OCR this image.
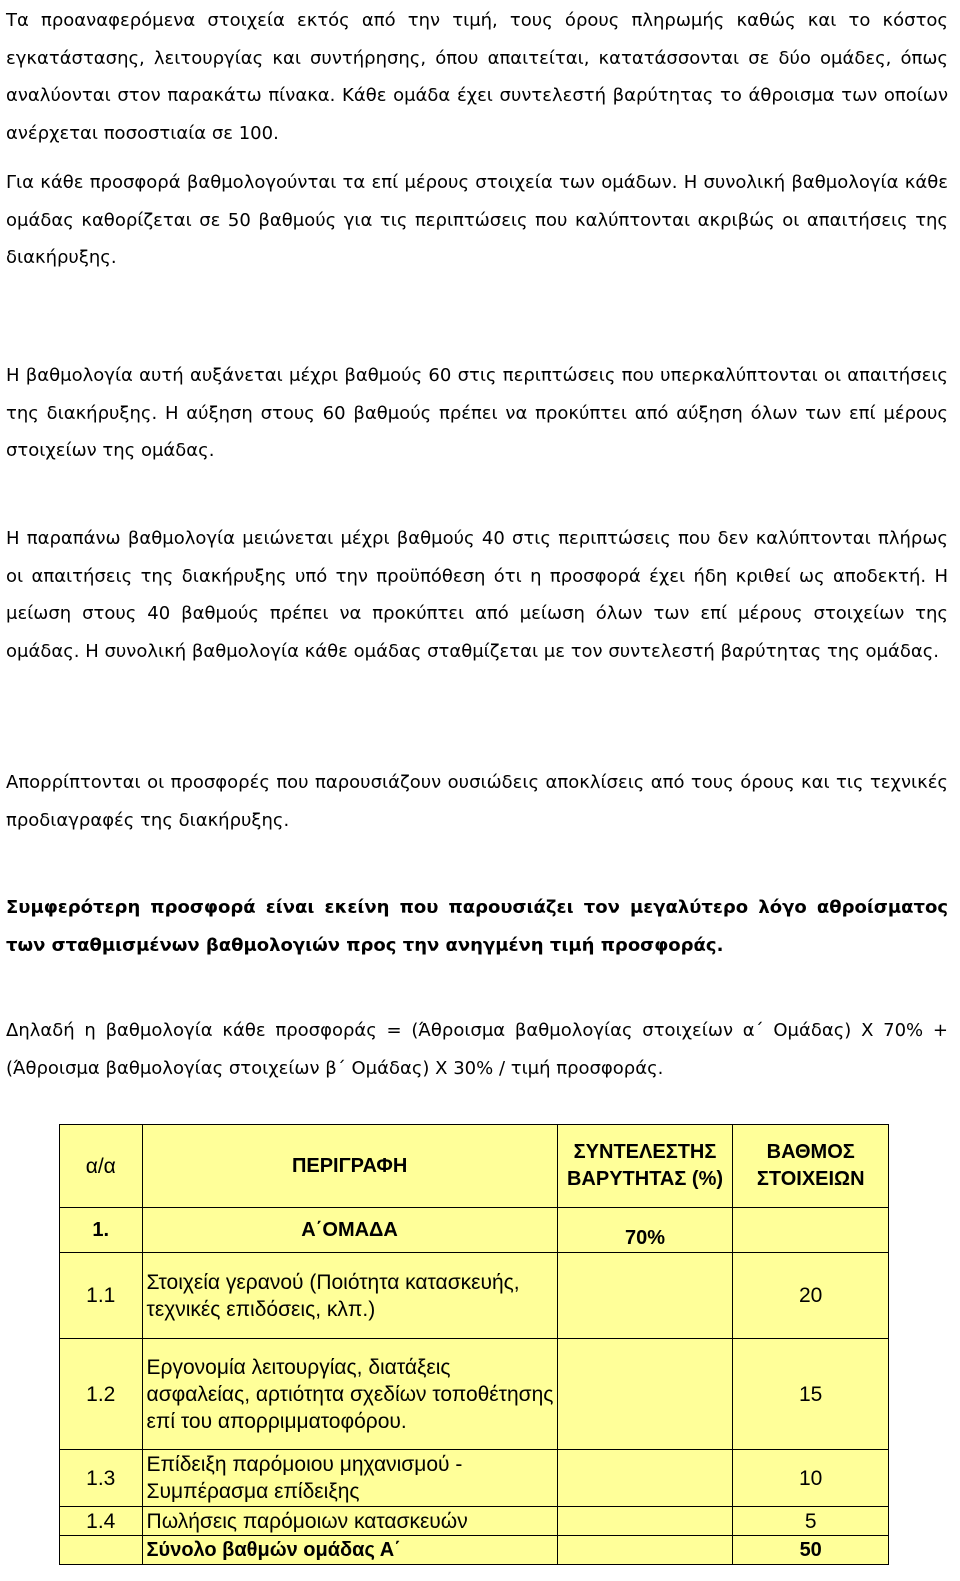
Τα προαναφερόμενα στοιχεία εκτός από την τιμή, τους όρους πληρωμής καθώς και το κόστος εγκατάστασης, λειτουργίας και συντήρησης, όπου απαιτείται, κατατάσσονται σε δύο ομάδες, όπως αναλύονται στον παρακάτω πίνακα. Κάθε ομάδα έχει συντελεστή βαρύτητας το άθροισμα των οποίων ανέρχεται ποσοστιαία σε 100.

Για κάθε προσφορά βαθμολογούνται τα επί μέρους στοιχεία των ομάδων. Η συνολική βαθμολογία κάθε ομάδας καθορίζεται σε 50 βαθμούς για τις περιπτώσεις που καλύπτονται ακριβώς οι απαιτήσεις της διακήρυξης.

Η βαθμολογία αυτή αυξάνεται μέχρι βαθμούς 60 στις περιπτώσεις που υπερκαλύπτονται οι απαιτήσεις της διακήρυξης. Η αύξηση στους 60 βαθμούς πρέπει να προκύπτει από αύξηση όλων των επί μέρους στοιχείων της ομάδας.

Η παραπάνω βαθμολογία μειώνεται μέχρι βαθμούς 40 στις περιπτώσεις που δεν καλύπτονται πλήρως οι απαιτήσεις της διακήρυξης υπό την προϋπόθεση ότι η προσφορά έχει ήδη κριθεί ως αποδεκτή. Η μείωση στους 40 βαθμούς πρέπει να προκύπτει από μείωση όλων των επί μέρους στοιχείων της ομάδας. Η συνολική βαθμολογία κάθε ομάδας σταθμίζεται με τον συντελεστή βαρύτητας της ομάδας.

Απορρίπτονται οι προσφορές που παρουσιάζουν ουσιώδεις αποκλίσεις από τους όρους και τις τεχνικές προδιαγραφές της διακήρυξης.

Συμφερότερη προσφορά είναι εκείνη που παρουσιάζει τον μεγαλύτερο λόγο αθροίσματος των σταθμισμένων βαθμολογιών προς την ανηγμένη τιμή προσφοράς.

Δηλαδή η βαθμολογία κάθε προσφοράς = (Άθροισμα βαθμολογίας στοιχείων α΄ Ομάδας) Χ 70% + (Άθροισμα βαθμολογίας στοιχείων β΄ Ομάδας) Χ 30% / τιμή προσφοράς.

α/α	ΠΕΡΙΓΡΑΦΗ	ΣΥΝΤΕΛΕΣΤΗΣ ΒΑΡΥΤΗΤΑΣ (%)	ΒΑΘΜΟΣ ΣΤΟΙΧΕΙΩΝ
1.	Α΄ΟΜΑΔΑ	70%	
1.1	Στοιχεία γερανού (Ποιότητα κατασκευής, τεχνικές επιδόσεις, κλπ.)		20
1.2	Εργονομία λειτουργίας, διατάξεις ασφαλείας, αρτιότητα σχεδίων τοποθέτησης επί του απορριμματοφόρου.		15
1.3	Επίδειξη παρόμοιου μηχανισμού - Συμπέρασμα επίδειξης		10
1.4	Πωλήσεις παρόμοιων κατασκευών		5
	Σύνολο βαθμών ομάδας Α΄		50
